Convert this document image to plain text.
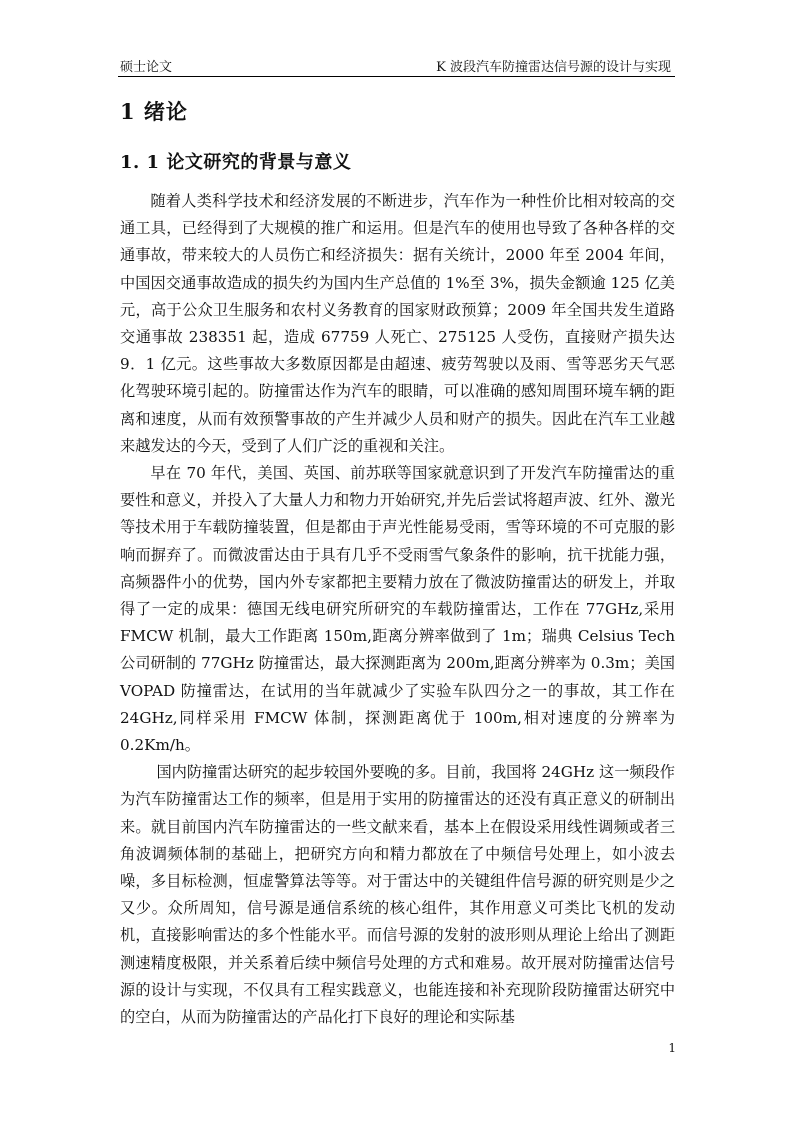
硕士论文	K 波段汽车防撞雷达信号源的设计与实现
1 绪论
1. 1 论文研究的背景与意义

随着人类科学技术和经济发展的不断进步，汽车作为一种性价比相对较高的交通工具，已经得到了大规模的推广和运用。但是汽车的使用也导致了各种各样的交通事故，带来较大的人员伤亡和经济损失：据有关统计，2000 年至 2004 年间，中国因交通事故造成的损失约为国内生产总值的 1%至 3%，损失金额逾 125 亿美元，高于公众卫生服务和农村义务教育的国家财政预算；2009 年全国共发生道路交通事故 238351 起，造成 67759 人死亡、275125 人受伤，直接财产损失达 9．1 亿元。这些事故大多数原因都是由超速、疲劳驾驶以及雨、雪等恶劣天气恶化驾驶环境引起的。防撞雷达作为汽车的眼睛，可以准确的感知周围环境车辆的距离和速度，从而有效预警事故的产生并减少人员和财产的损失。因此在汽车工业越来越发达的今天，受到了人们广泛的重视和关注。

早在 70 年代，美国、英国、前苏联等国家就意识到了开发汽车防撞雷达的重要性和意义，并投入了大量人力和物力开始研究,并先后尝试将超声波、红外、激光等技术用于车载防撞装置，但是都由于声光性能易受雨，雪等环境的不可克服的影响而摒弃了。而微波雷达由于具有几乎不受雨雪气象条件的影响，抗干扰能力强，高频器件小的优势，国内外专家都把主要精力放在了微波防撞雷达的研发上，并取得了一定的成果：德国无线电研究所研究的车载防撞雷达，工作在 77GHz,采用 FMCW 机制，最大工作距离 150m,距离分辨率做到了 1m；瑞典 Celsius Tech 公司研制的 77GHz 防撞雷达，最大探测距离为 200m,距离分辨率为 0.3m；美国 VOPAD 防撞雷达，在试用的当年就减少了实验车队四分之一的事故，其工作在 24GHz,同样采用 FMCW 体制，探测距离优于 100m,相对速度的分辨率为 0.2Km/h。

国内防撞雷达研究的起步较国外要晚的多。目前，我国将 24GHz 这一频段作为汽车防撞雷达工作的频率，但是用于实用的防撞雷达的还没有真正意义的研制出来。就目前国内汽车防撞雷达的一些文献来看，基本上在假设采用线性调频或者三角波调频体制的基础上，把研究方向和精力都放在了中频信号处理上，如小波去噪，多目标检测，恒虚警算法等等。对于雷达中的关键组件信号源的研究则是少之又少。众所周知，信号源是通信系统的核心组件，其作用意义可类比飞机的发动机，直接影响雷达的多个性能水平。而信号源的发射的波形则从理论上给出了测距测速精度极限，并关系着后续中频信号处理的方式和难易。故开展对防撞雷达信号源的设计与实现，不仅具有工程实践意义，也能连接和补充现阶段防撞雷达研究中的空白，从而为防撞雷达的产品化打下良好的理论和实际基

1
